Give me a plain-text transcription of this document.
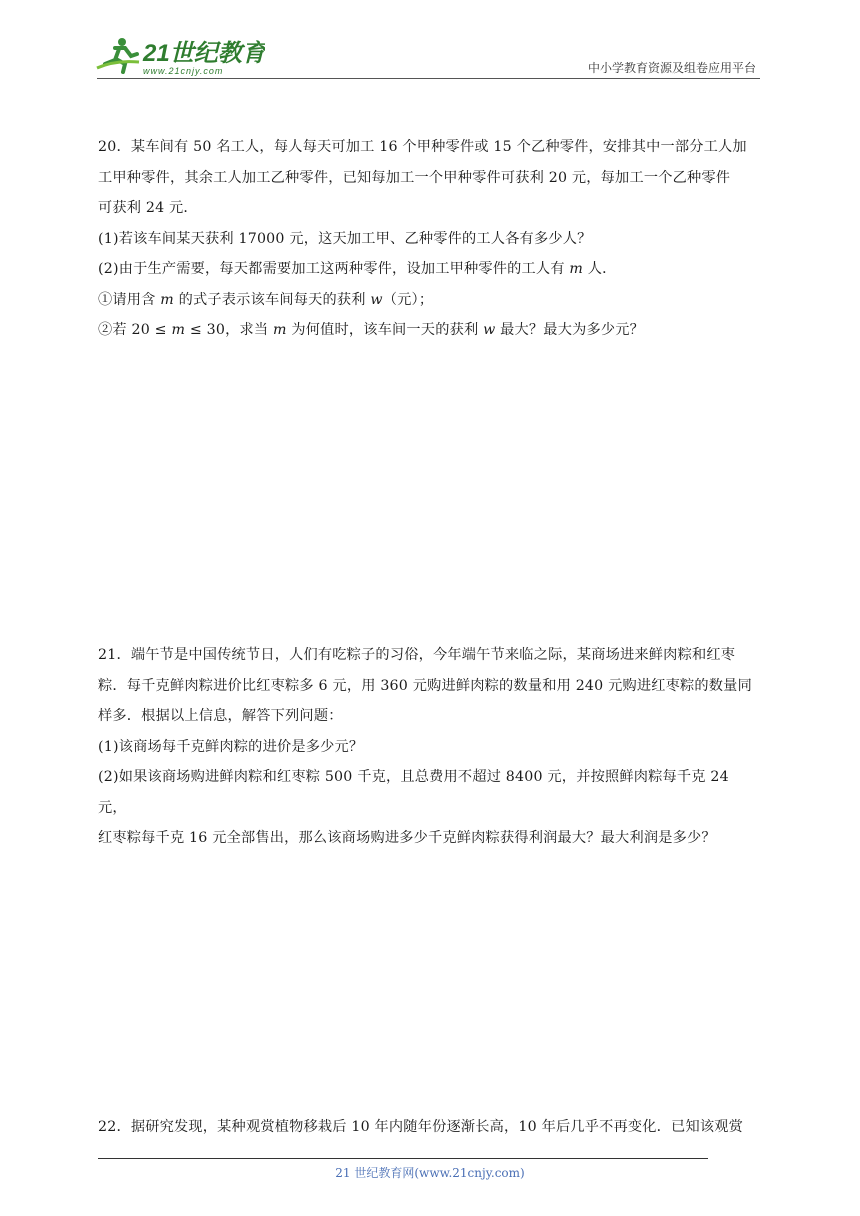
21世纪教育
www.21cnjy.com	中小学教育资源及组卷应用平台

20．某车间有 50 名工人，每人每天可加工 16 个甲种零件或 15 个乙种零件，安排其中一部分工人加

工甲种零件，其余工人加工乙种零件，已知每加工一个甲种零件可获利 20 元，每加工一个乙种零件

可获利 24 元．

(1)若该车间某天获利 17000 元，这天加工甲、乙种零件的工人各有多少人？

(2)由于生产需要，每天都需要加工这两种零件，设加工甲种零件的工人有 m 人．

①请用含 m 的式子表示该车间每天的获利 w（元）；

②若 20 ≤ m ≤ 30，求当 m 为何值时，该车间一天的获利 w 最大？最大为多少元？

21．端午节是中国传统节日，人们有吃粽子的习俗，今年端午节来临之际，某商场进来鲜肉粽和红枣

粽．每千克鲜肉粽进价比红枣粽多 6 元，用 360 元购进鲜肉粽的数量和用 240 元购进红枣粽的数量同

样多．根据以上信息，解答下列问题：

(1)该商场每千克鲜肉粽的进价是多少元？

(2)如果该商场购进鲜肉粽和红枣粽 500 千克，且总费用不超过 8400 元，并按照鲜肉粽每千克 24 元，

红枣粽每千克 16 元全部售出，那么该商场购进多少千克鲜肉粽获得利润最大？最大利润是多少？

22．据研究发现，某种观赏植物移栽后 10 年内随年份逐渐长高，10 年后几乎不再变化．已知该观赏

21 世纪教育网(www.21cnjy.com)
